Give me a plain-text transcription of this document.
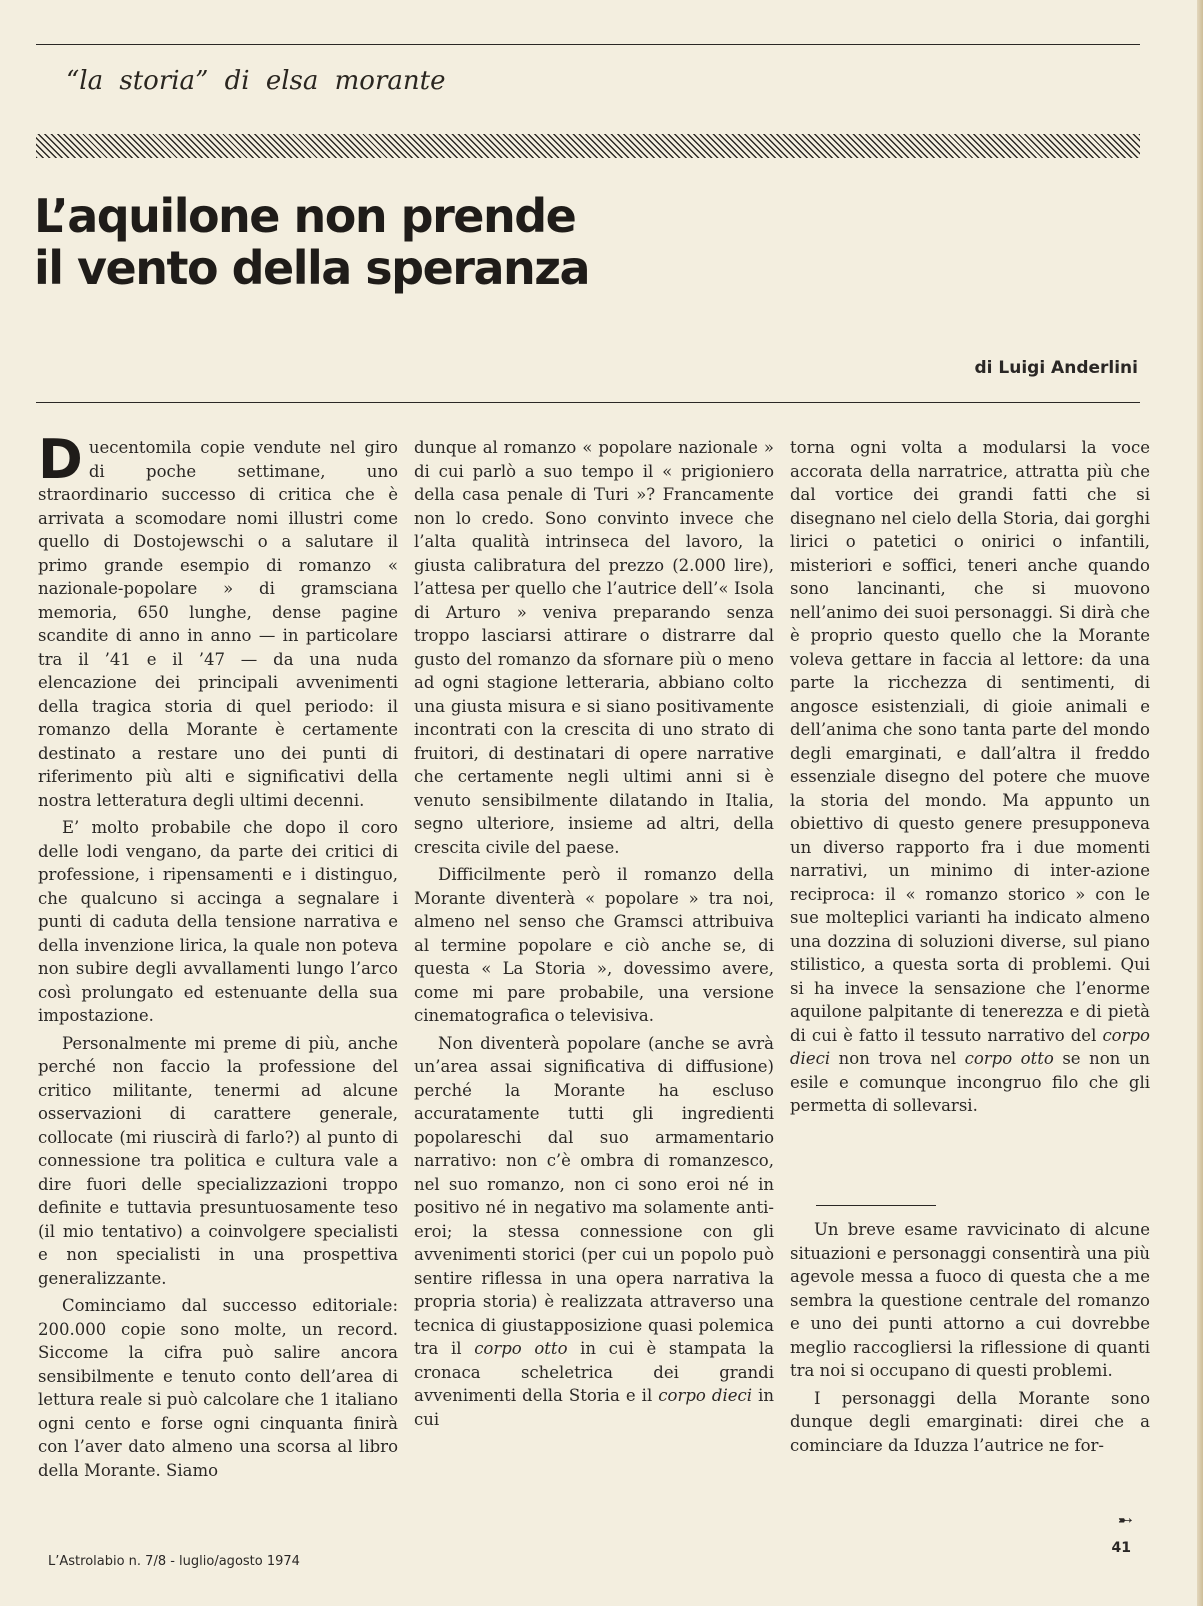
“la storia” di elsa morante
L’aquilone non prende
il vento della speranza
di Luigi Anderlini

Duecentomila copie vendute nel giro di poche settimane, uno straordinario successo di critica che è arrivata a scomodare nomi illustri come quello di Dostojewschi o a salutare il primo grande esempio di romanzo « nazionale-popolare » di gramsciana memoria, 650 lunghe, dense pagine scandite di anno in anno — in particolare tra il ’41 e il ’47 — da una nuda elencazione dei principali avvenimenti della tragica storia di quel periodo: il romanzo della Morante è certamente destinato a restare uno dei punti di riferimento più alti e significativi della nostra letteratura degli ultimi decenni.

E’ molto probabile che dopo il coro delle lodi vengano, da parte dei critici di professione, i ripensamenti e i distinguo, che qualcuno si accinga a segnalare i punti di caduta della tensione narrativa e della invenzione lirica, la quale non poteva non subire degli avvallamenti lungo l’arco così prolungato ed estenuante della sua impostazione.

Personalmente mi preme di più, anche perché non faccio la professione del critico militante, tenermi ad alcune osservazioni di carattere generale, collocate (mi riuscirà di farlo?) al punto di connessione tra politica e cultura vale a dire fuori delle specializzazioni troppo definite e tuttavia presuntuosamente teso (il mio tentativo) a coinvolgere specialisti e non specialisti in una prospettiva generalizzante.

Cominciamo dal successo editoriale: 200.000 copie sono molte, un record. Siccome la cifra può salire ancora sensibilmente e tenuto conto dell’area di lettura reale si può calcolare che 1 italiano ogni cento e forse ogni cinquanta finirà con l’aver dato almeno una scorsa al libro della Morante. Siamo

dunque al romanzo « popolare nazionale » di cui parlò a suo tempo il « prigioniero della casa penale di Turi »? Francamente non lo credo. Sono convinto invece che l’alta qualità intrinseca del lavoro, la giusta calibratura del prezzo (2.000 lire), l’attesa per quello che l’autrice dell’« Isola di Arturo » veniva preparando senza troppo lasciarsi attirare o distrarre dal gusto del romanzo da sfornare più o meno ad ogni stagione letteraria, abbiano colto una giusta misura e si siano positivamente incontrati con la crescita di uno strato di fruitori, di destinatari di opere narrative che certamente negli ultimi anni si è venuto sensibilmente dilatando in Italia, segno ulteriore, insieme ad altri, della crescita civile del paese.

Difficilmente però il romanzo della Morante diventerà « popolare » tra noi, almeno nel senso che Gramsci attribuiva al termine popolare e ciò anche se, di questa « La Storia », dovessimo avere, come mi pare probabile, una versione cinematografica o televisiva.

Non diventerà popolare (anche se avrà un’area assai significativa di diffusione) perché la Morante ha escluso accuratamente tutti gli ingredienti popolareschi dal suo armamentario narrativo: non c’è ombra di romanzesco, nel suo romanzo, non ci sono eroi né in positivo né in negativo ma solamente anti-eroi; la stessa connessione con gli avvenimenti storici (per cui un popolo può sentire riflessa in una opera narrativa la propria storia) è realizzata attraverso una tecnica di giustapposizione quasi polemica tra il corpo otto in cui è stampata la cronaca scheletrica dei grandi avvenimenti della Storia e il corpo dieci in cui

torna ogni volta a modularsi la voce accorata della narratrice, attratta più che dal vortice dei grandi fatti che si disegnano nel cielo della Storia, dai gorghi lirici o patetici o onirici o infantili, misteriori e soffici, teneri anche quando sono lancinanti, che si muovono nell’animo dei suoi personaggi. Si dirà che è proprio questo quello che la Morante voleva gettare in faccia al lettore: da una parte la ricchezza di sentimenti, di angosce esistenziali, di gioie animali e dell’anima che sono tanta parte del mondo degli emarginati, e dall’altra il freddo essenziale disegno del potere che muove la storia del mondo. Ma appunto un obiettivo di questo genere presupponeva un diverso rapporto fra i due momenti narrativi, un minimo di inter-azione reciproca: il « romanzo storico » con le sue molteplici varianti ha indicato almeno una dozzina di soluzioni diverse, sul piano stilistico, a questa sorta di problemi. Qui si ha invece la sensazione che l’enorme aquilone palpitante di tenerezza e di pietà di cui è fatto il tessuto narrativo del corpo dieci non trova nel corpo otto se non un esile e comunque incongruo filo che gli permetta di sollevarsi.

Un breve esame ravvicinato di alcune situazioni e personaggi consentirà una più agevole messa a fuoco di questa che a me sembra la questione centrale del romanzo e uno dei punti attorno a cui dovrebbe meglio raccogliersi la riflessione di quanti tra noi si occupano di questi problemi.

I personaggi della Morante sono dunque degli emarginati: direi che a cominciare da Iduzza l’autrice ne for-

➸
41
L’Astrolabio n. 7/8 - luglio/agosto 1974
